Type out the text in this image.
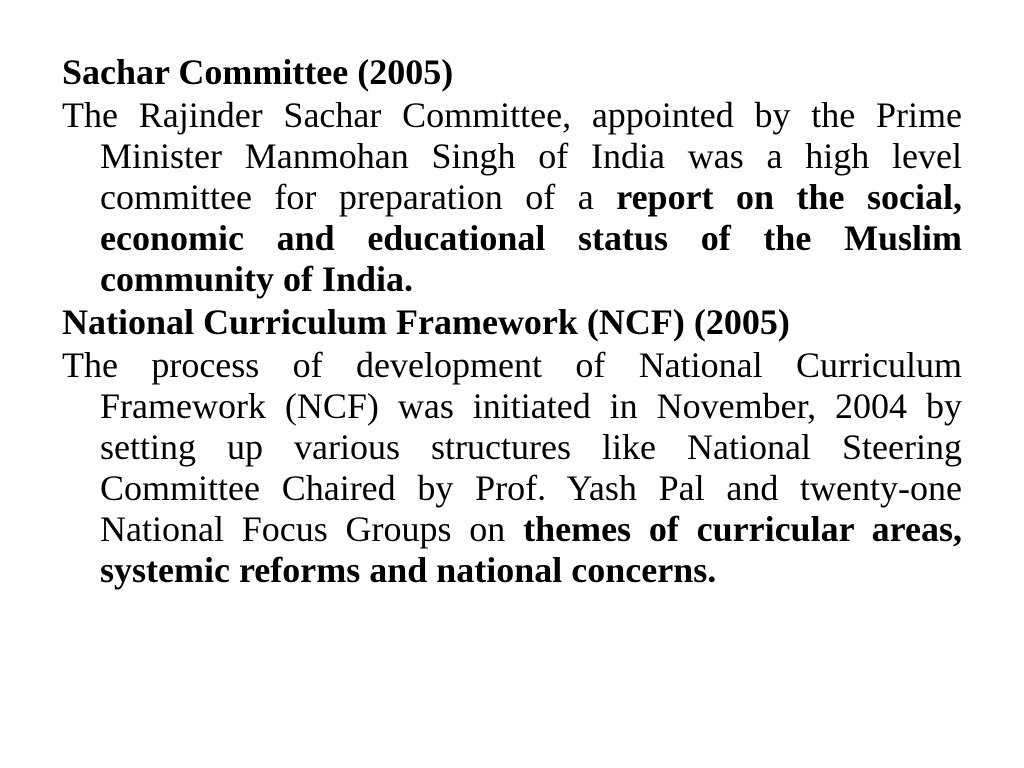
Sachar Committee (2005)

The Rajinder Sachar Committee, appointed by the Prime Minister Manmohan Singh of India was a high level committee for preparation of a report on the social, economic and educational status of the Muslim community of India.

National Curriculum Framework (NCF) (2005)

The process of development of National Curriculum Framework (NCF) was initiated in November, 2004 by setting up various structures like National Steering Committee Chaired by Prof. Yash Pal and twenty-one National Focus Groups on themes of curricular areas, systemic reforms and national concerns.
